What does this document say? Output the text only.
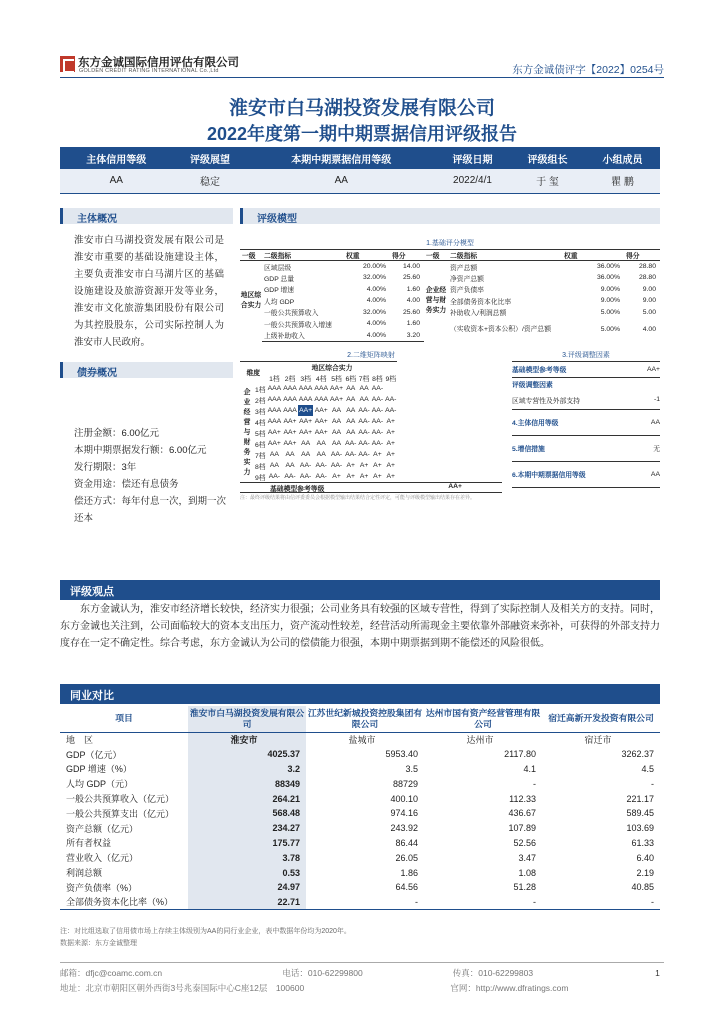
东方金诚国际信用评估有限公司
GOLDEN CREDIT RATING INTERNATIONAL Co.,Ltd	东方金诚债评字【2022】0254号
淮安市白马湖投资发展有限公司
2022年度第一期中期票据信用评级报告
主体信用等级	评级展望	本期中期票据信用等级	评级日期	评级组长	小组成员
AA	稳定	AA	2022/4/1	于 玺	瞿 鹏
主体概况
淮安市白马湖投资发展有限公司是淮安市重要的基础设施建设主体，主要负责淮安市白马湖片区的基础设施建设及旅游资源开发等业务，淮安市文化旅游集团股份有限公司为其控股股东，公司实际控制人为淮安市人民政府。
债券概况
注册金额：6.00亿元
本期中期票据发行额：6.00亿元
发行期限：3年
资金用途：偿还有息债务
偿还方式：每年付息一次，到期一次还本
评级模型
1.基础评分模型
一级	二级指标	权重	得分	一级	二级指标	权重	得分
地区综合实力	区域层级	20.00%	14.00	企业经营与财务实力	资产总额	36.00%	28.80
	GDP 总量	32.00%	25.60		净资产总额	36.00%	28.80
	GDP 增速	4.00%	1.60		资产负债率	9.00%	9.00
	人均 GDP	4.00%	4.00		全部债务资本化比率	9.00%	9.00
	一般公共预算收入	32.00%	25.60		补助收入/利润总额	5.00%	5.00
	一般公共预算收入增速	4.00%	1.60		（实收资本+资本公积）/资产总额	5.00%	4.00
	上级补助收入	4.00%	3.20				
2.二维矩阵映射
维度		地区综合实力								
		1档	2档	3档	4档	5档	6档	7档	8档	9档
企业经营与财务实力	1档	AAA	AAA	AAA	AAA	AA+	AA	AA	AA-	
	2档	AAA	AAA	AAA	AAA	AA+	AA	AA	AA-	AA-
	3档	AAA	AAA	AA+	AA+	AA	AA	AA-	AA-	AA-
	4档	AAA	AA+	AA+	AA+	AA	AA	AA-	AA-	A+
	5档	AA+	AA+	AA+	AA+	AA	AA	AA-	AA-	A+
	6档	AA+	AA+	AA	AA	AA	AA-	AA-	AA-	A+
	7档	AA	AA	AA	AA	AA-	AA-	AA-	A+	A+
	8档	AA	AA	AA-	AA-	AA-	A+	A+	A+	A+
	9档	AA-	AA-	AA-	AA-	A+	A+	A+	A+	A+
基础模型参考等级	AA+
注：最终评级结果将由信评委委员会根据模型输出结果结合定性评定，可能与评级模型输出结果存在差异。
3.评级调整因素
基础模型参考等级	AA+
评级调整因素	
区域专营性及外部支持	-1
4.主体信用等级	AA
5.增信措施	无
6.本期中期票据信用等级	AA
评级观点
东方金诚认为，淮安市经济增长较快，经济实力很强；公司业务具有较强的区域专营性，得到了实际控制人及相关方的支持。同时，东方金诚也关注到，公司面临较大的资本支出压力，资产流动性较差，经营活动所需现金主要依靠外部融资来弥补，可获得的外部支持力度存在一定不确定性。综合考虑，东方金诚认为公司的偿债能力很强，本期中期票据到期不能偿还的风险很低。
同业对比
项目	淮安市白马湖投资发展有限公司	江苏世纪新城投资控股集团有限公司	达州市国有资产经营管理有限公司	宿迁高新开发投资有限公司
地　区	淮安市	盐城市	达州市	宿迁市
GDP（亿元）	4025.37	5953.40	2117.80	3262.37
GDP 增速（%）	3.2	3.5	4.1	4.5
人均 GDP（元）	88349	88729	-	-
一般公共预算收入（亿元）	264.21	400.10	112.33	221.17
一般公共预算支出（亿元）	568.48	974.16	436.67	589.45
资产总额（亿元）	234.27	243.92	107.89	103.69
所有者权益	175.77	86.44	52.56	61.33
营业收入（亿元）	3.78	26.05	3.47	6.40
利润总额	0.53	1.86	1.08	2.19
资产负债率（%）	24.97	64.56	51.28	40.85
全部债务资本化比率（%）	22.71	-	-	-
注：对比组选取了信用债市场上存续主体级别为AA的同行业企业，表中数据年份均为2020年。
数据来源：东方金诚整理
邮箱：dfjc@coamc.com.cn	电话：010-62299800	传真：010-62299803	1
地址：北京市朝阳区朝外西街3号兆泰国际中心C座12层　100600	官网：http://www.dfratings.com
